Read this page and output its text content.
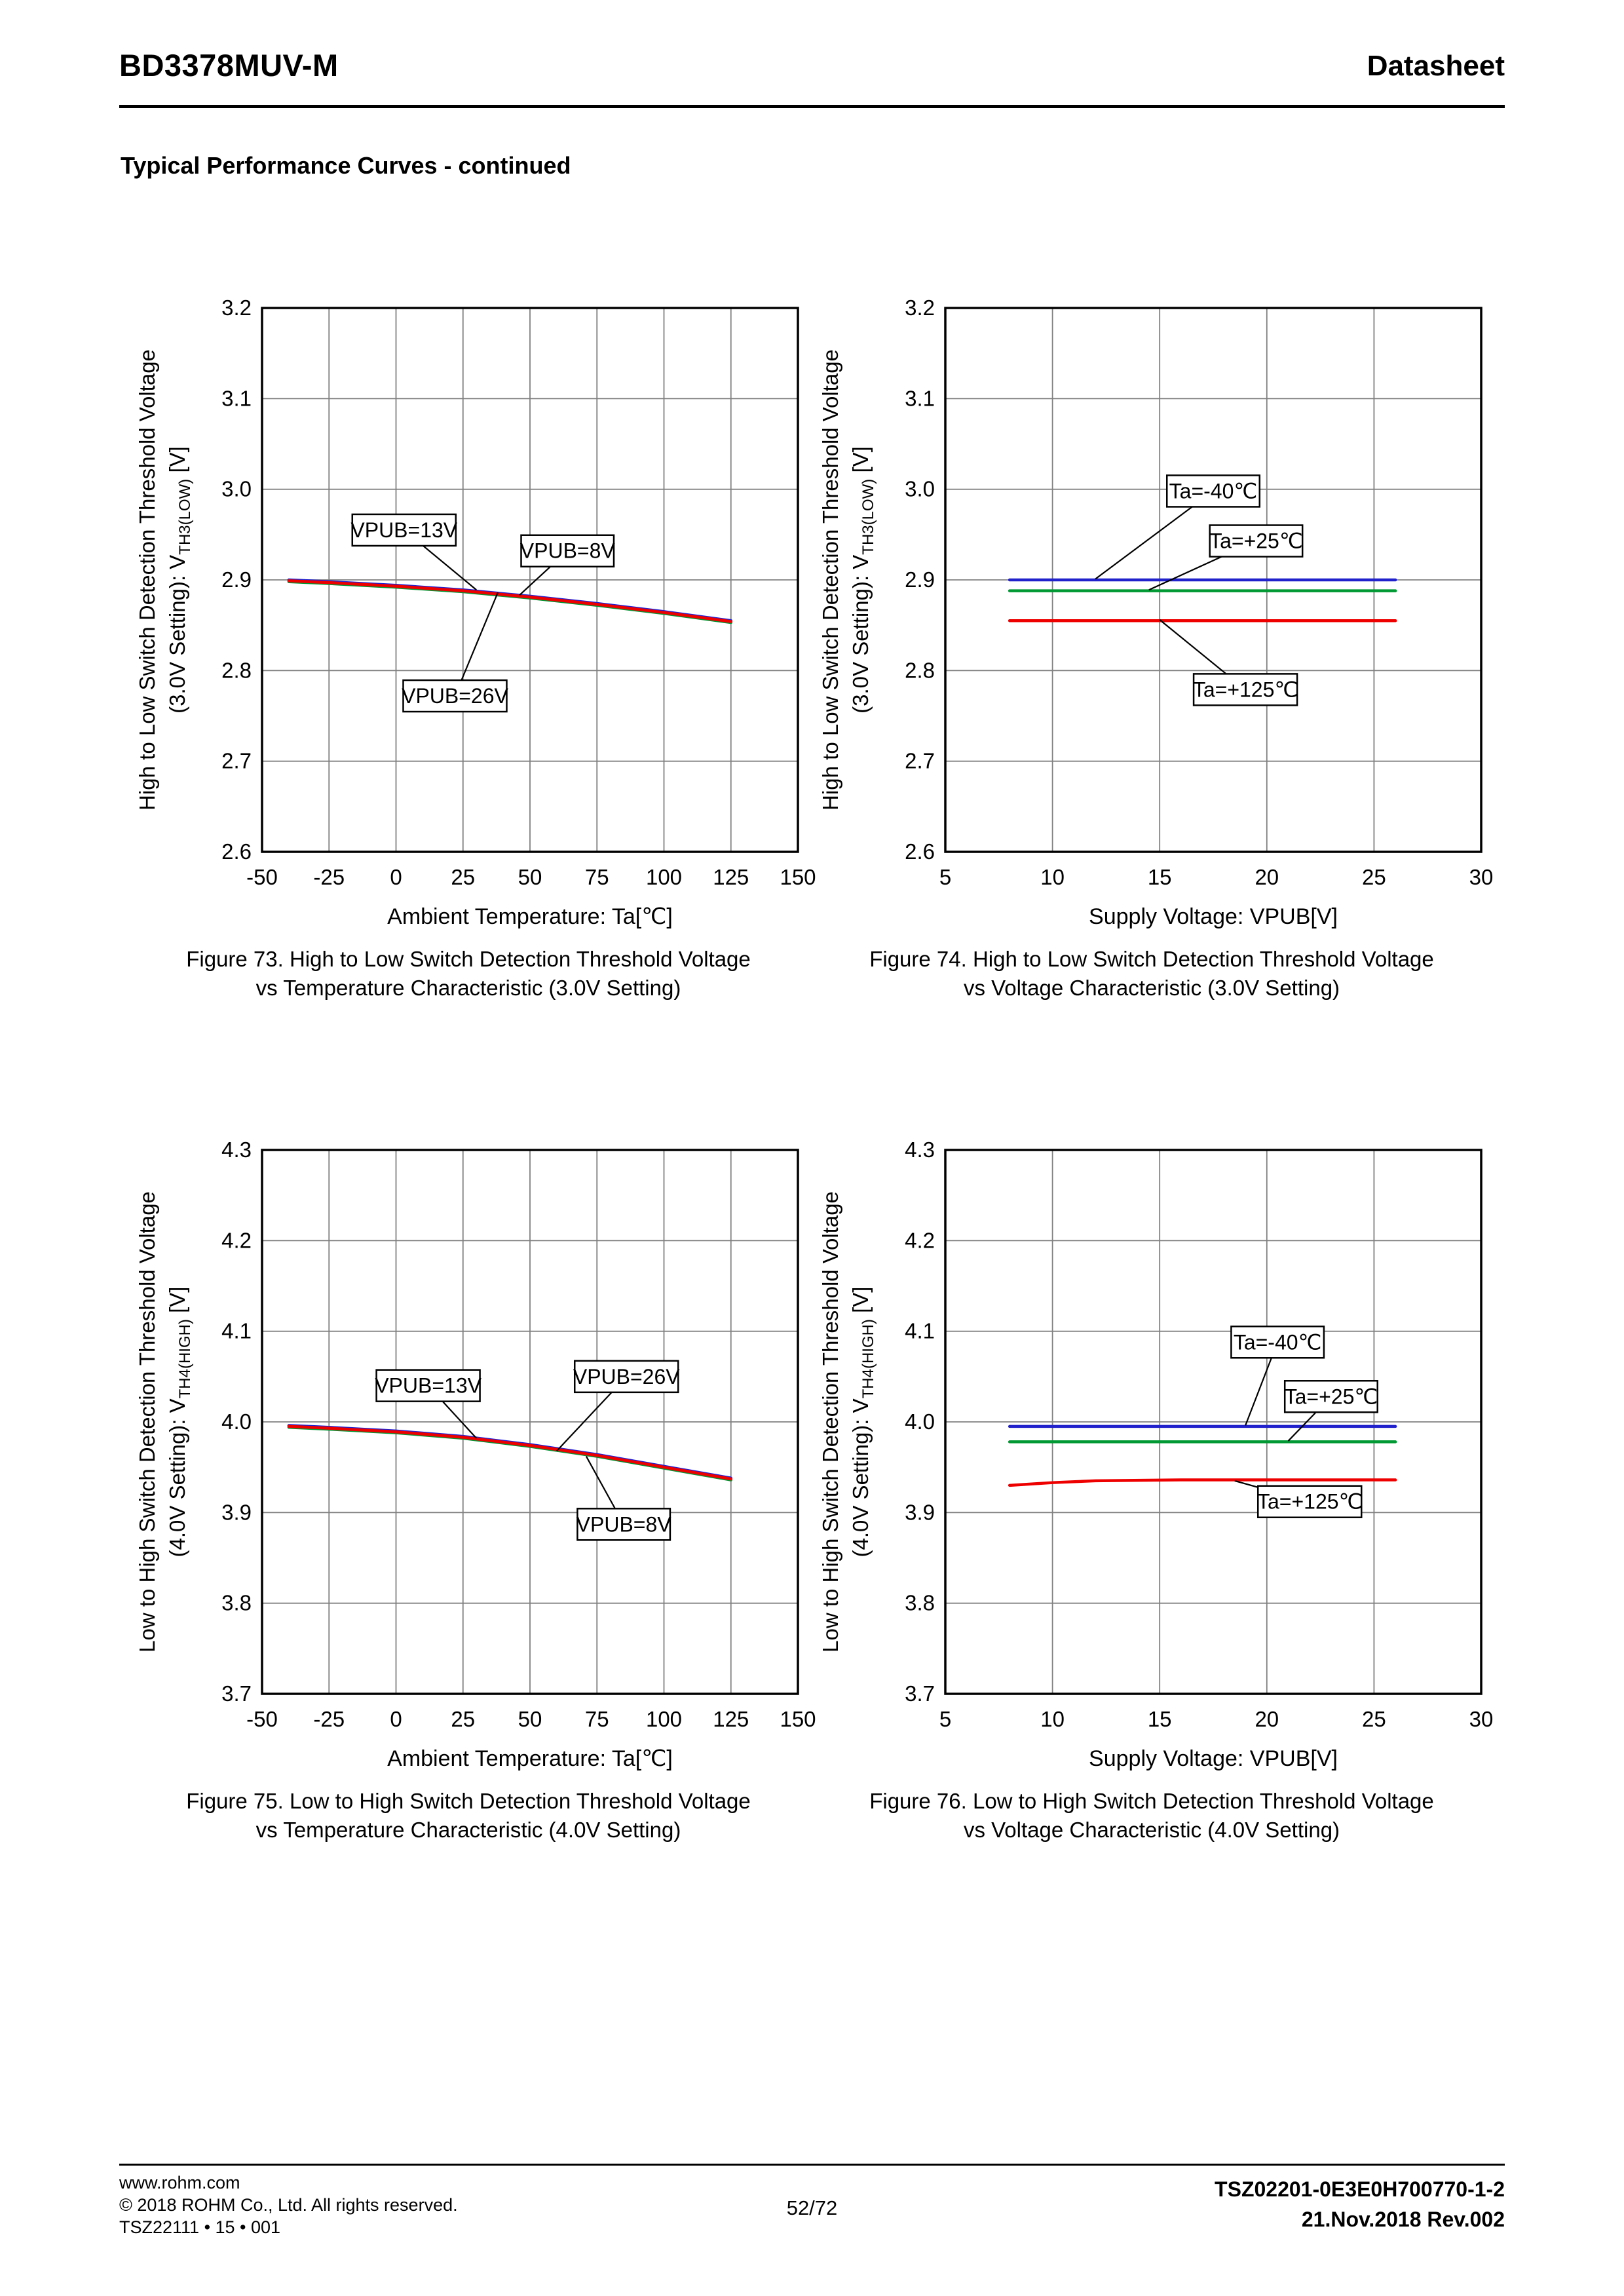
BD3378MUV-M	Datasheet
Typical Performance Curves - continued
-50 -25 0 25 50 75 100 125 150
2.6
2.7
2.8
2.9
3.0
3.1
3.2
VPUB=13V
VPUB=8V
VPUB=26V
Ambient Temperature: Ta[℃]
High to Low Switch Detection Threshold Voltage (3.0V Setting): $V_{TH3(LOW)}$ [V]
Figure 73. High to Low Switch Detection Threshold Voltage
vs Temperature Characteristic (3.0V Setting)
5	10	15	20	25	30
2.6
2.7
2.8
2.9
3.0
3.1
3.2
Ta=-40℃
Ta=+25℃
Ta=+125℃
Supply Voltage: VPUB[V]
High to Low Switch Detection Threshold Voltage (3.0V Setting): $V_{TH3(LOW)}$ [V]
Figure 74. High to Low Switch Detection Threshold Voltage
vs Voltage Characteristic (3.0V Setting)
-50 -25 0 25 50 75 100 125 150
3.7
3.8
3.9
4.0
4.1
4.2
4.3
VPUB=13V	VPUB=26V
VPUB=8V
Ambient Temperature: Ta[℃]
Low to High Switch Detection Threshold Voltage (4.0V Setting): $V_{TH4(HIGH)}$ [V]
Figure 75. Low to High Switch Detection Threshold Voltage
vs Temperature Characteristic (4.0V Setting)
5	10	15	20	25	30
3.7
3.8
3.9
4.0
4.1
4.2
4.3
Ta=-40℃
Ta=+25℃
Ta=+125℃
Supply Voltage: VPUB[V]
Low to High Switch Detection Threshold Voltage (4.0V Setting): $V_{TH4(HIGH)}$ [V]
Figure 76. Low to High Switch Detection Threshold Voltage
vs Voltage Characteristic (4.0V Setting)
www.rohm.com
© 2018 ROHM Co., Ltd. All rights reserved.
TSZ22111 • 15 • 001
52/72
TSZ02201-0E3E0H700770-1-2
21.Nov.2018 Rev.002
